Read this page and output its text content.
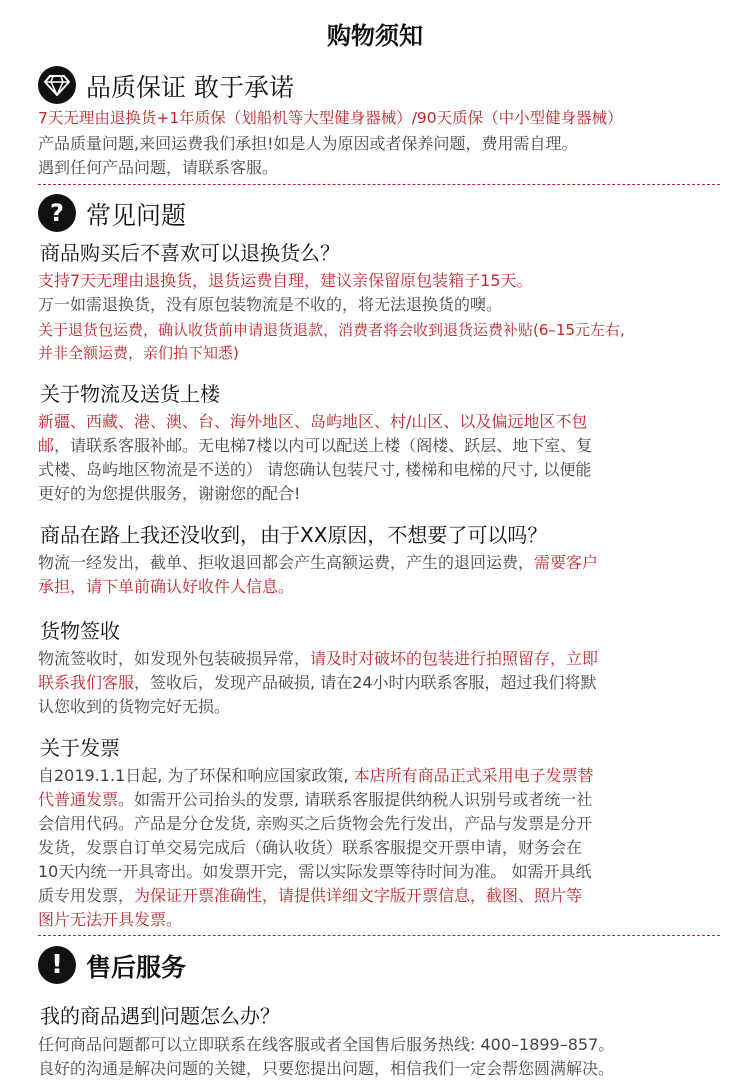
购物须知
品质保证 敢于承诺
7天无理由退换货+1年质保（划船机等大型健身器械）/90天质保（中小型健身器械）
产品质量问题,来回运费我们承担!如是人为原因或者保养问题，费用需自理。
遇到任何产品问题，请联系客服。
? 常见问题
商品购买后不喜欢可以退换货么？
支持7天无理由退换货，退货运费自理，建议亲保留原包装箱子15天。
万一如需退换货，没有原包装物流是不收的，将无法退换货的噢。
关于退货包运费，确认收货前申请退货退款，消费者将会收到退货运费补贴(6–15元左右,
并非全额运费，亲们拍下知悉)
关于物流及送货上楼
新疆、西藏、港、澳、台、海外地区、岛屿地区、村/山区、以及偏远地区不包
邮，请联系客服补邮。无电梯7楼以内可以配送上楼（阁楼、跃层、地下室、复
式楼、岛屿地区物流是不送的） 请您确认包装尺寸, 楼梯和电梯的尺寸, 以便能
更好的为您提供服务，谢谢您的配合!
商品在路上我还没收到，由于XX原因，不想要了可以吗？
物流一经发出，截单、拒收退回都会产生高额运费，产生的退回运费，需要客户
承担，请下单前确认好收件人信息。
货物签收
物流签收时，如发现外包装破损异常，请及时对破坏的包装进行拍照留存，立即
联系我们客服，签收后，发现产品破损, 请在24小时内联系客服，超过我们将默
认您收到的货物完好无损。
关于发票
自2019.1.1日起, 为了环保和响应国家政策, 本店所有商品正式采用电子发票替
代普通发票。如需开公司抬头的发票, 请联系客服提供纳税人识别号或者统一社
会信用代码。产品是分仓发货, 亲购买之后货物会先行发出，产品与发票是分开
发货，发票自订单交易完成后（确认收货）联系客服提交开票申请，财务会在
10天内统一开具寄出。如发票开完，需以实际发票等待时间为准。 如需开具纸
质专用发票，为保证开票准确性，请提供详细文字版开票信息，截图、照片等
图片无法开具发票。
! 售后服务
我的商品遇到问题怎么办？
任何商品问题都可以立即联系在线客服或者全国售后服务热线: 400–1899–857。
良好的沟通是解决问题的关键，只要您提出问题，相信我们一定会帮您圆满解决。
